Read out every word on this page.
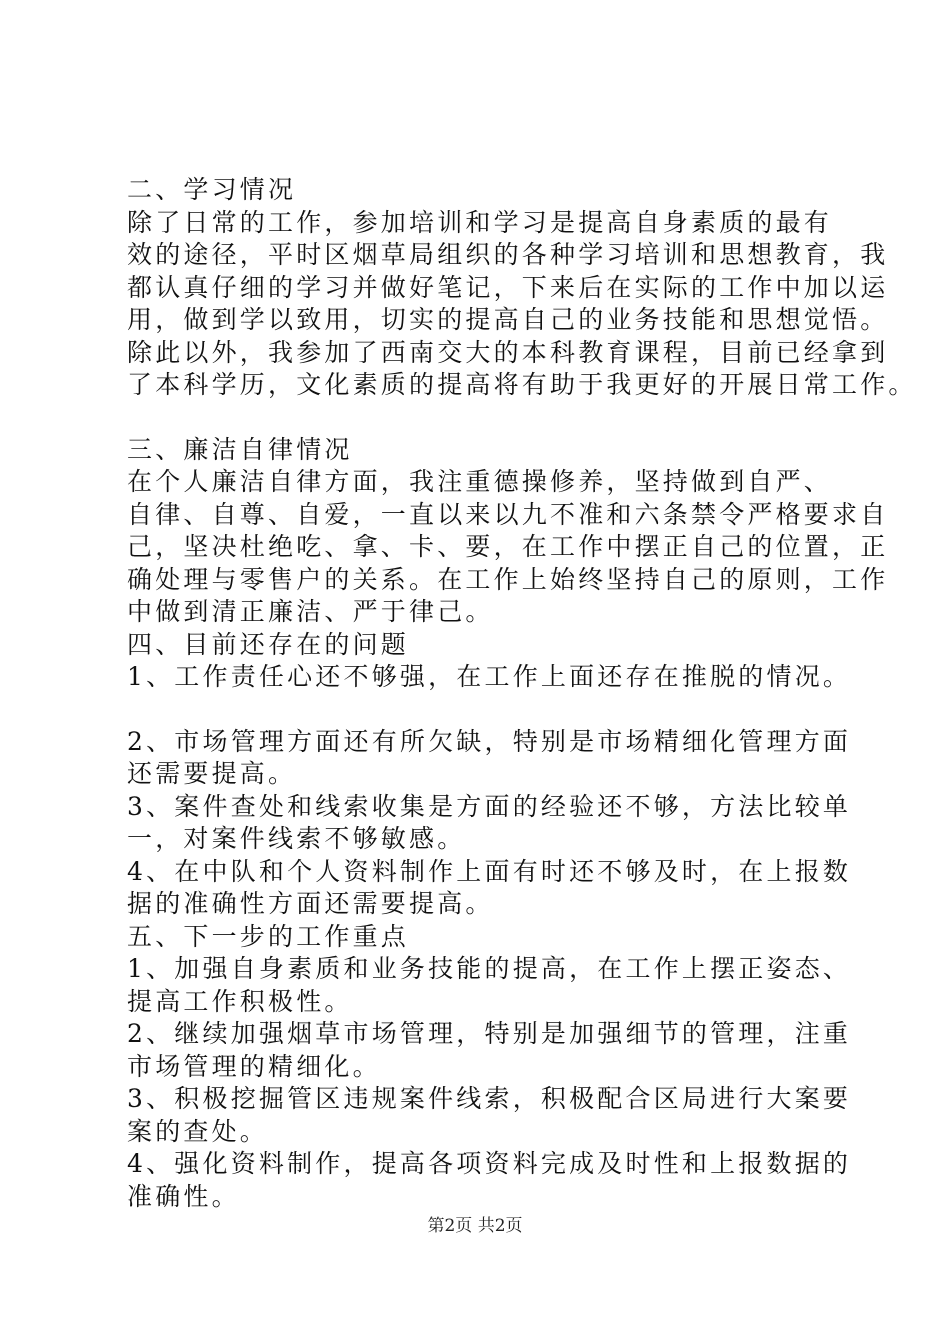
二、学习情况
除了日常的工作，参加培训和学习是提高自身素质的最有
效的途径，平时区烟草局组织的各种学习培训和思想教育，我
都认真仔细的学习并做好笔记，下来后在实际的工作中加以运
用，做到学以致用，切实的提高自己的业务技能和思想觉悟。
除此以外，我参加了西南交大的本科教育课程，目前已经拿到
了本科学历，文化素质的提高将有助于我更好的开展日常工作。
三、廉洁自律情况
在个人廉洁自律方面，我注重德操修养，坚持做到自严、
自律、自尊、自爱，一直以来以九不准和六条禁令严格要求自
己，坚决杜绝吃、拿、卡、要，在工作中摆正自己的位置，正
确处理与零售户的关系。在工作上始终坚持自己的原则，工作
中做到清正廉洁、严于律己。
四、目前还存在的问题
1、工作责任心还不够强，在工作上面还存在推脱的情况。
2、市场管理方面还有所欠缺，特别是市场精细化管理方面
还需要提高。
3、案件查处和线索收集是方面的经验还不够，方法比较单
一，对案件线索不够敏感。
4、在中队和个人资料制作上面有时还不够及时，在上报数
据的准确性方面还需要提高。
五、下一步的工作重点
1、加强自身素质和业务技能的提高，在工作上摆正姿态、
提高工作积极性。
2、继续加强烟草市场管理，特别是加强细节的管理，注重
市场管理的精细化。
3、积极挖掘管区违规案件线索，积极配合区局进行大案要
案的查处。
4、强化资料制作，提高各项资料完成及时性和上报数据的
准确性。
第2页 共2页
